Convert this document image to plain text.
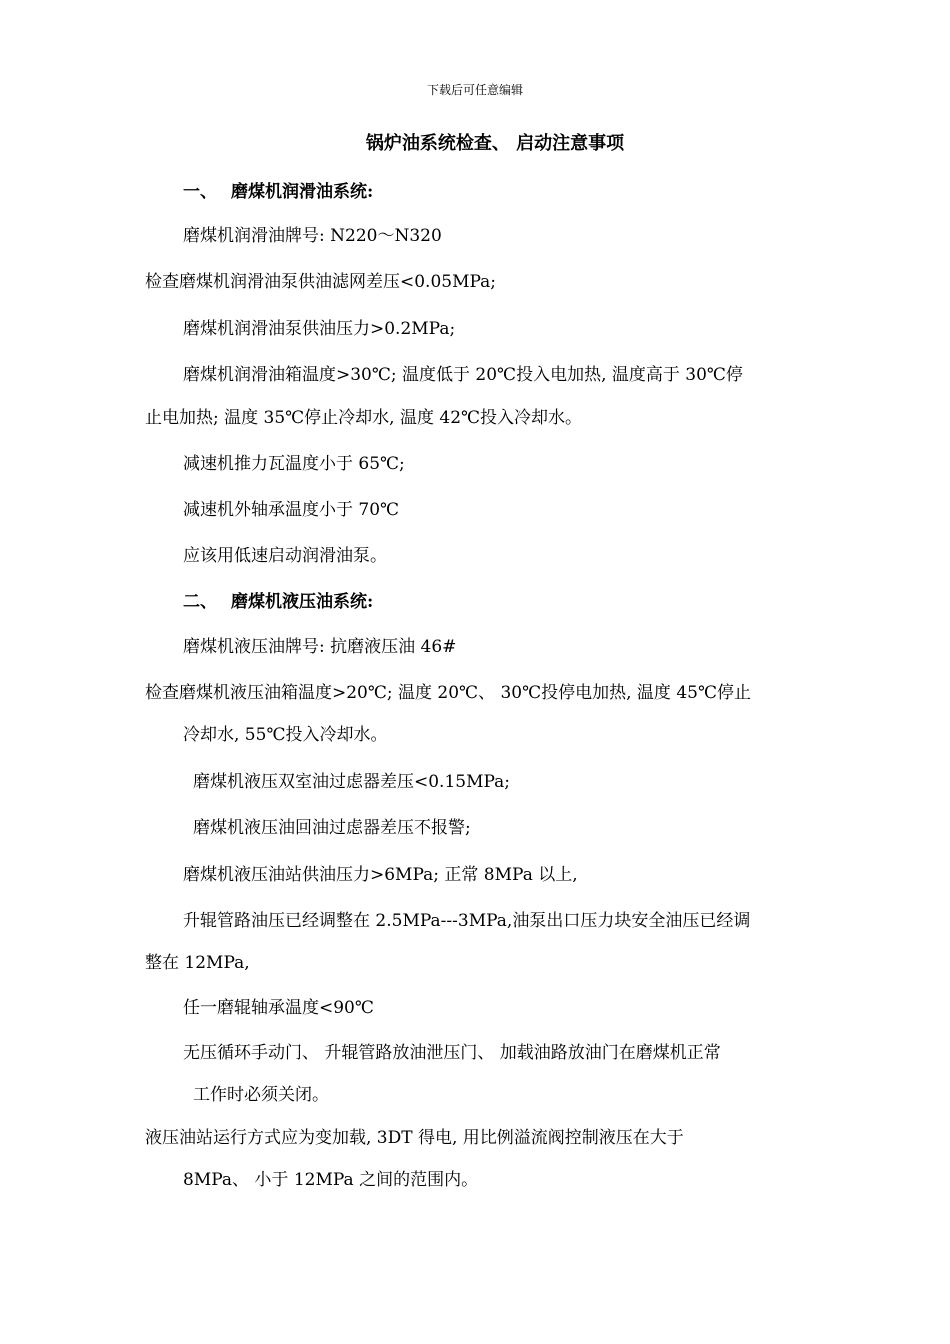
下载后可任意编辑
锅炉油系统检查、 启动注意事项
一、 磨煤机润滑油系统:
磨煤机润滑油牌号: N220～N320
检查磨煤机润滑油泵供油滤网差压<0.05MPa;
磨煤机润滑油泵供油压力>0.2MPa;
磨煤机润滑油箱温度>30℃; 温度低于 20℃投入电加热, 温度高于 30℃停
止电加热; 温度 35℃停止冷却水, 温度 42℃投入冷却水。
减速机推力瓦温度小于 65℃;
减速机外轴承温度小于 70℃
应该用低速启动润滑油泵。
二、 磨煤机液压油系统:
磨煤机液压油牌号: 抗磨液压油 46#
检查磨煤机液压油箱温度>20℃; 温度 20℃、 30℃投停电加热, 温度 45℃停止
冷却水, 55℃投入冷却水。
磨煤机液压双室油过虑器差压<0.15MPa;
磨煤机液压油回油过虑器差压不报警;
磨煤机液压油站供油压力>6MPa; 正常 8MPa 以上,
升辊管路油压已经调整在 2.5MPa---3MPa,油泵出口压力块安全油压已经调
整在 12MPa,
任一磨辊轴承温度<90℃
无压循环手动门、 升辊管路放油泄压门、 加载油路放油门在磨煤机正常
工作时必须关闭。
液压油站运行方式应为变加载, 3DT 得电, 用比例溢流阀控制液压在大于
8MPa、 小于 12MPa 之间的范围内。
